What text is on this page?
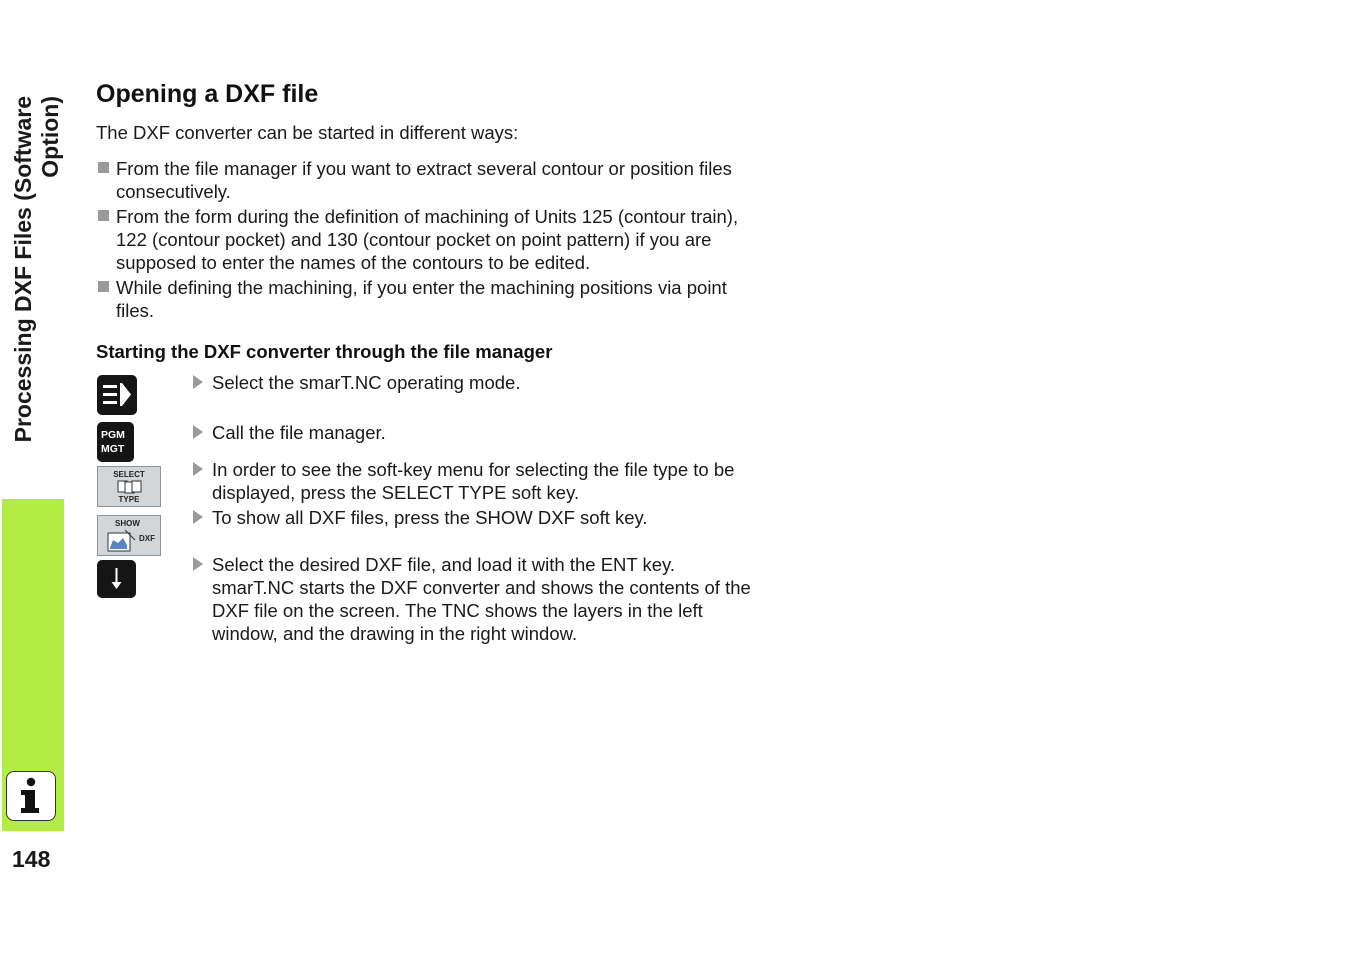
Processing DXF Files (Software Option)
148
Opening a DXF file

The DXF converter can be started in different ways:

From the file manager if you want to extract several contour or position files consecutively.
From the form during the definition of machining of Units 125 (contour train), 122 (contour pocket) and 130 (contour pocket on point pattern) if you are supposed to enter the names of the contours to be edited.
While defining the machining, if you enter the machining positions via point files.
Starting the DXF converter through the file manager
PGM
MGT
SELECT
TYPE
SHOW
DXF
Select the smarT.NC operating mode.
Call the file manager.
In order to see the soft-key menu for selecting the file type to be displayed, press the SELECT TYPE soft key.
To show all DXF files, press the SHOW DXF soft key.
Select the desired DXF file, and load it with the ENT key. smarT.NC starts the DXF converter and shows the contents of the DXF file on the screen. The TNC shows the layers in the left window, and the drawing in the right window.
